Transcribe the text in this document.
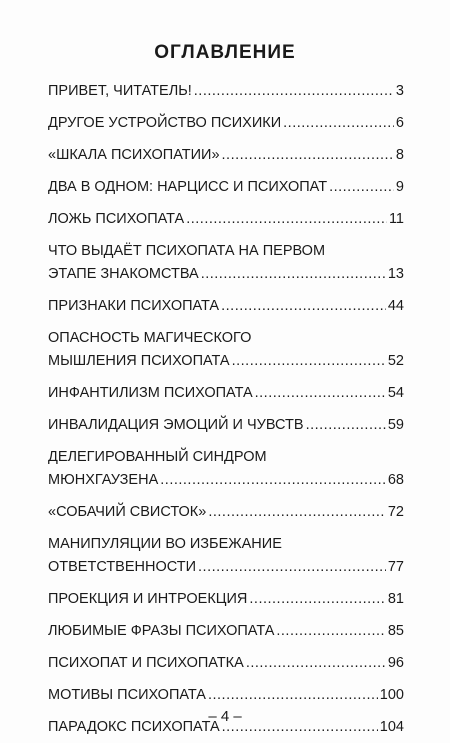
ОГЛАВЛЕНИЕ
ПРИВЕТ, ЧИТАТЕЛЬ! .....	3
ДРУГОЕ УСТРОЙСТВО ПСИХИКИ .....	6
«ШКАЛА ПСИХОПАТИИ» .....	8
ДВА В ОДНОМ: НАРЦИСС И ПСИХОПАТ .....	9
ЛОЖЬ ПСИХОПАТА .....	11
ЧТО ВЫДАЁТ ПСИХОПАТА НА ПЕРВОМ
ЭТАПЕ ЗНАКОМСТВА .....	13
ПРИЗНАКИ ПСИХОПАТА .....	44
ОПАСНОСТЬ МАГИЧЕСКОГО
МЫШЛЕНИЯ ПСИХОПАТА .....	52
ИНФАНТИЛИЗМ ПСИХОПАТА .....	54
ИНВАЛИДАЦИЯ ЭМОЦИЙ И ЧУВСТВ .....	59
ДЕЛЕГИРОВАННЫЙ СИНДРОМ
МЮНХГАУЗЕНА .....	68
«СОБАЧИЙ СВИСТОК» .....	72
МАНИПУЛЯЦИИ ВО ИЗБЕЖАНИЕ
ОТВЕТСТВЕННОСТИ .....	77
ПРОЕКЦИЯ И ИНТРОЕКЦИЯ .....	81
ЛЮБИМЫЕ ФРАЗЫ ПСИХОПАТА .....	85
ПСИХОПАТ И ПСИХОПАТКА .....	96
МОТИВЫ ПСИХОПАТА .....	100
ПАРАДОКС ПСИХОПАТА .....	104
– 4 –
